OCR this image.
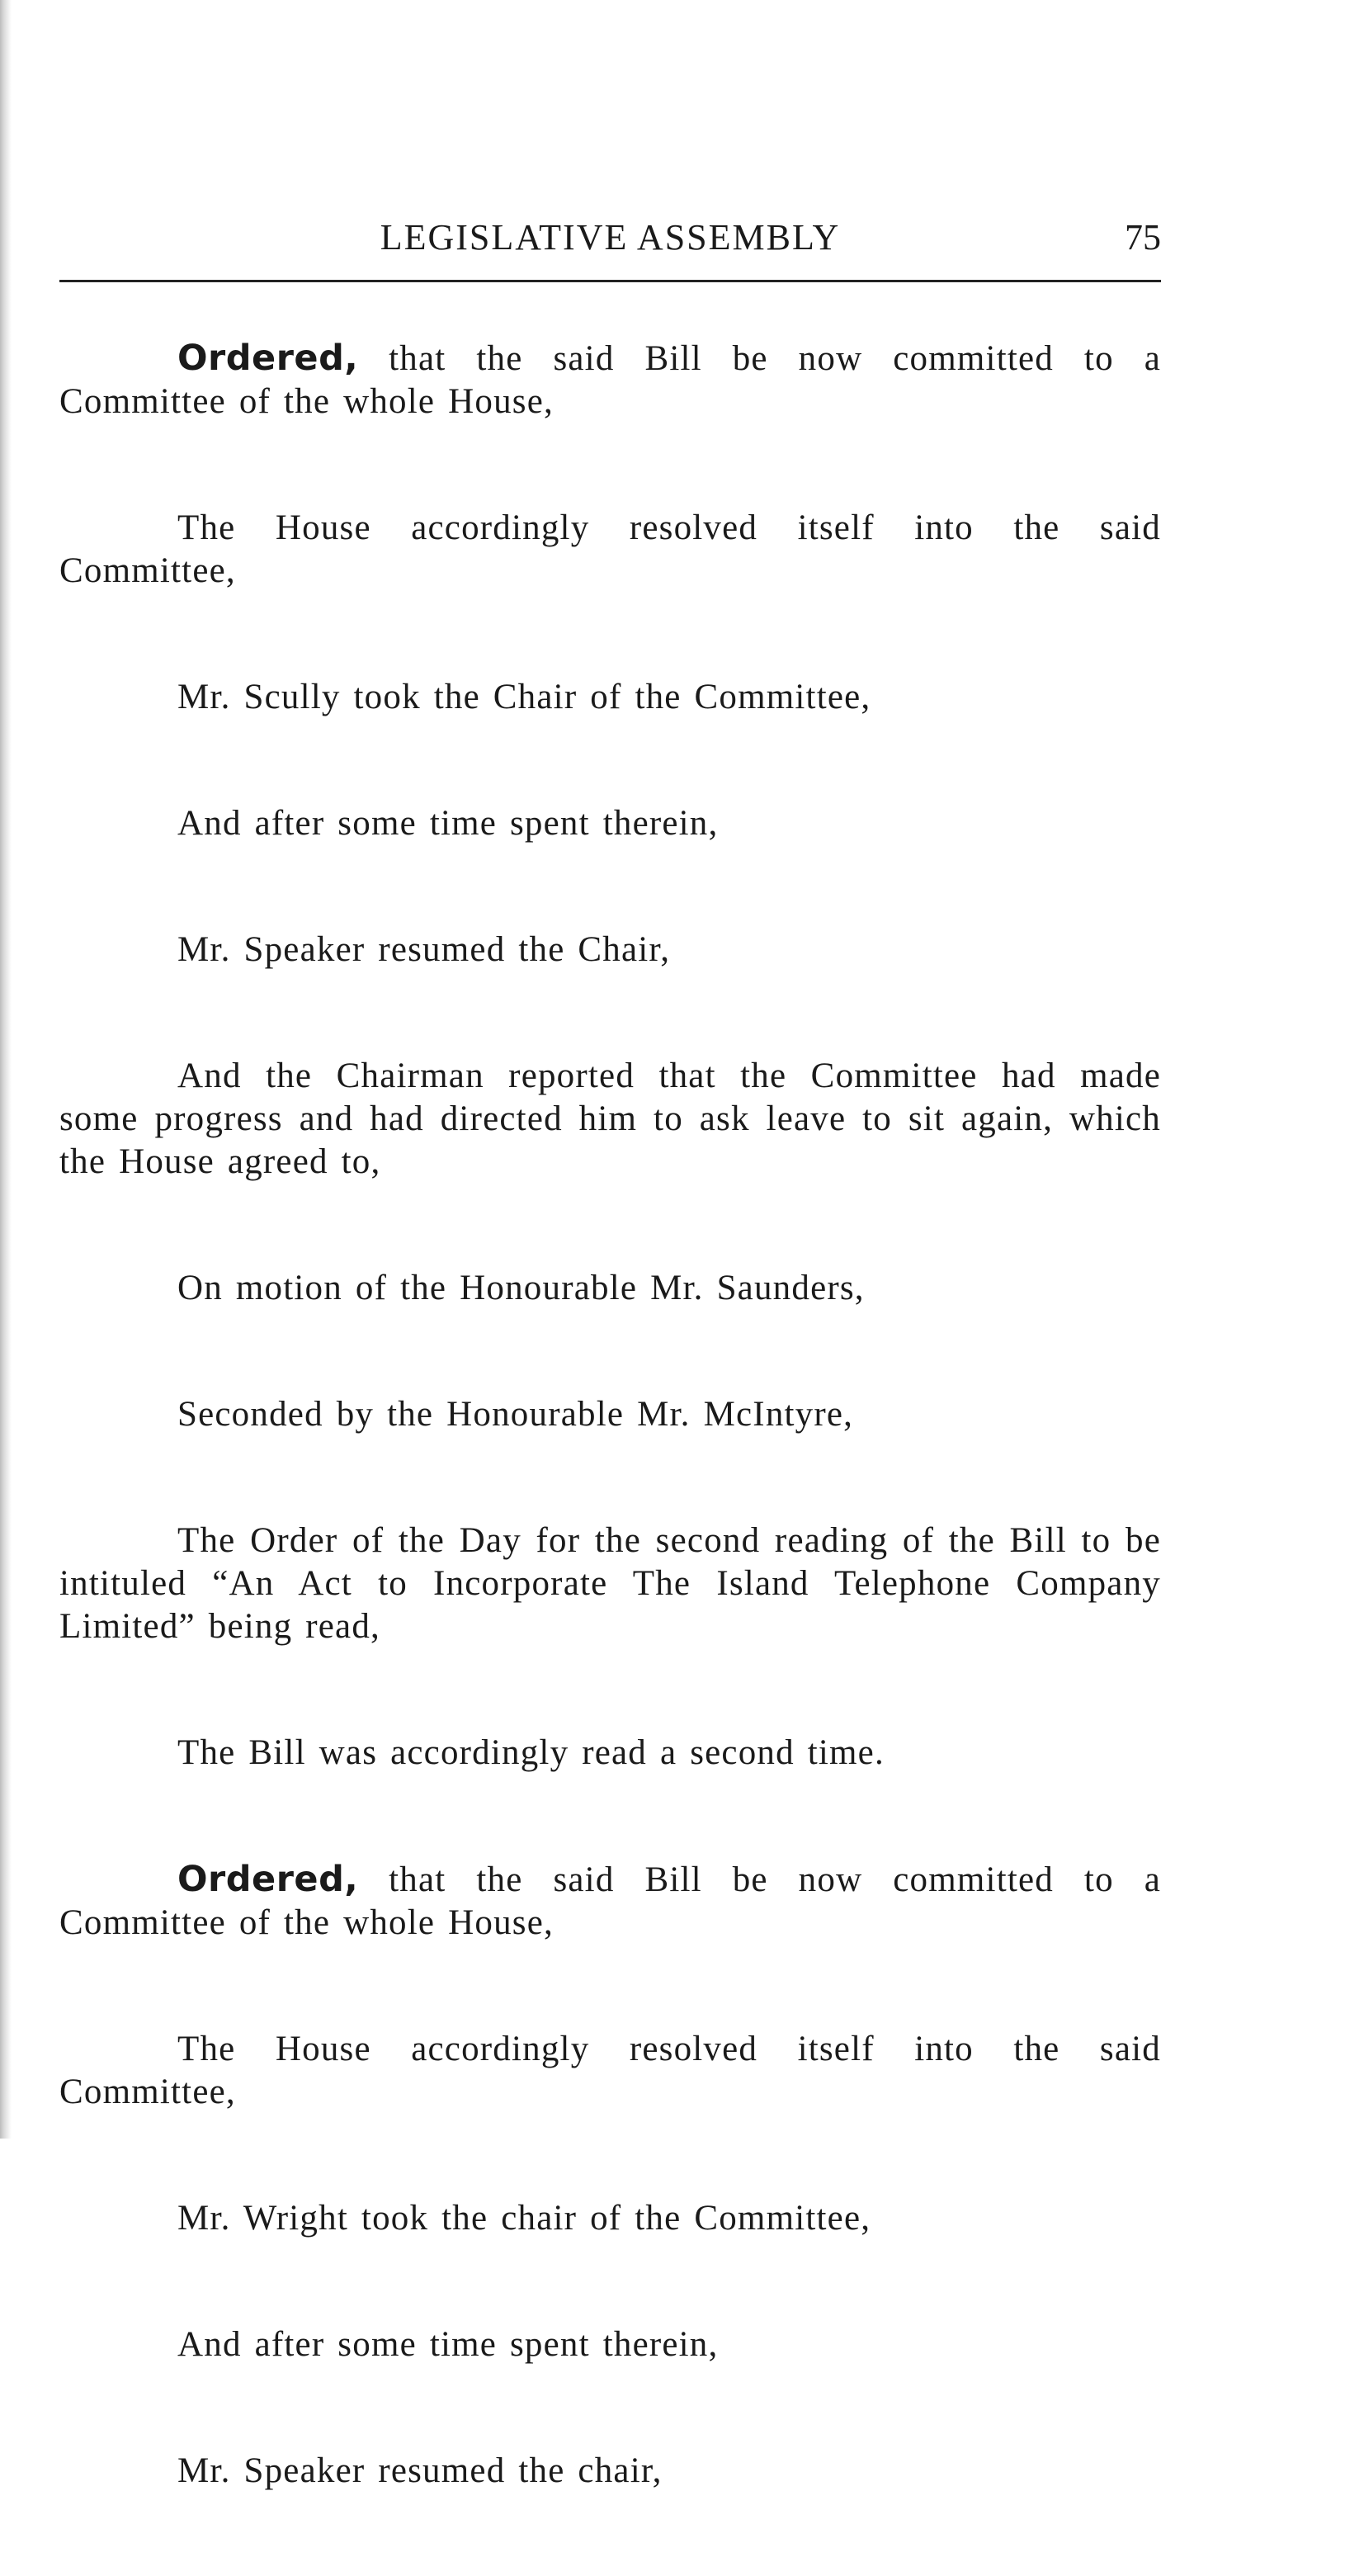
LEGISLATIVE ASSEMBLY	75

Ordered, that the said Bill be now committed to a Committee of the whole House,

The House accordingly resolved itself into the said Committee,

Mr. Scully took the Chair of the Committee,

And after some time spent therein,

Mr. Speaker resumed the Chair,

And the Chairman reported that the Committee had made some progress and had directed him to ask leave to sit again, which the House agreed to,

On motion of the Honourable Mr. Saunders,

Seconded by the Honourable Mr. McIntyre,

The Order of the Day for the second reading of the Bill to be intituled “An Act to Incorporate The Island Telephone Company Limited” being read,

The Bill was accordingly read a second time.

Ordered, that the said Bill be now committed to a Committee of the whole House,

The House accordingly resolved itself into the said Committee,

Mr. Wright took the chair of the Committee,

And after some time spent therein,

Mr. Speaker resumed the chair,
